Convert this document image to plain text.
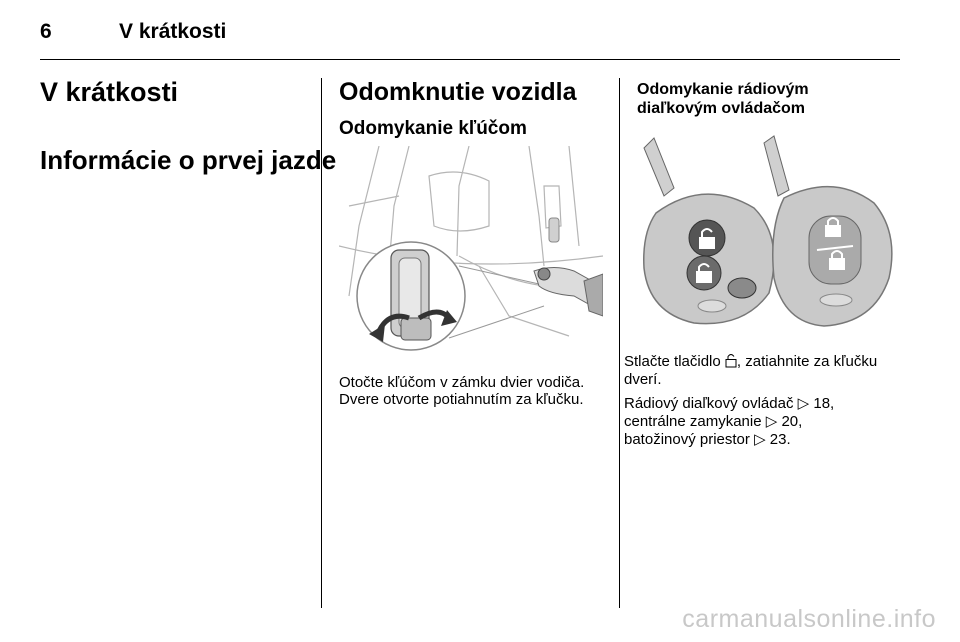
6	V krátkosti
V krátkosti
Informácie o prvej jazde
Odomknutie vozidla
Odomykanie kľúčom
Otočte kľúčom v zámku dvier vodiča.
Dvere otvorte potiahnutím za kľučku.
Odomykanie rádiovým
diaľkovým ovládačom
Stlačte tlačidlo , zatiahnite za kľučku
dverí.
Rádiový diaľkový ovládač ▷ 18,
centrálne zamykanie ▷ 20,
batožinový priestor ▷ 23.
carmanualsonline.info
